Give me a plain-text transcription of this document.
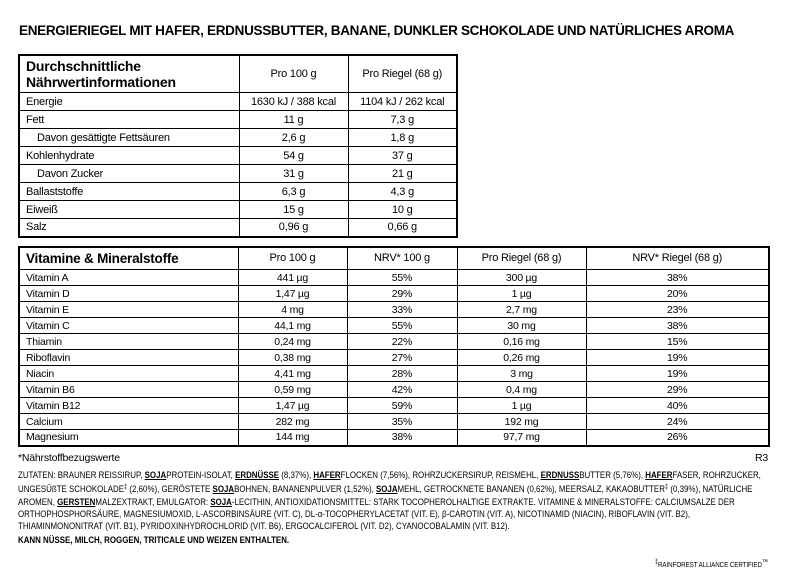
ENERGIERIEGEL MIT HAFER, ERDNUSSBUTTER, BANANE, DUNKLER SCHOKOLADE UND NATÜRLICHES AROMA
Durchschnittliche Nährwertinformationen	Pro 100 g	Pro Riegel (68 g)
Energie	1630 kJ / 388 kcal	1104 kJ / 262 kcal
Fett	11 g	7,3 g
Davon gesättigte Fettsäuren	2,6 g	1,8 g
Kohlenhydrate	54 g	37 g
Davon Zucker	31 g	21 g
Ballaststoffe	6,3 g	4,3 g
Eiweiß	15 g	10 g
Salz	0,96 g	0,66 g
Vitamine & Mineralstoffe	Pro 100 g	NRV* 100 g	Pro Riegel (68 g)	NRV* Riegel (68 g)
Vitamin A	441 µg	55%	300 µg	38%
Vitamin D	1,47 µg	29%	1 µg	20%
Vitamin E	4 mg	33%	2,7 mg	23%
Vitamin C	44,1 mg	55%	30 mg	38%
Thiamin	0,24 mg	22%	0,16 mg	15%
Riboflavin	0,38 mg	27%	0,26 mg	19%
Niacin	4,41 mg	28%	3 mg	19%
Vitamin B6	0,59 mg	42%	0,4 mg	29%
Vitamin B12	1,47 µg	59%	1 µg	40%
Calcium	282 mg	35%	192 mg	24%
Magnesium	144 mg	38%	97,7 mg	26%
*Nährstoffbezugswerte	R3

ZUTATEN: BRAUNER REISSIRUP, SOJAPROTEIN-ISOLAT, ERDNÜSSE (8,37%), HAFERFLOCKEN (7,56%), ROHRZUCKERSIRUP, REISMEHL, ERDNUSSBUTTER (5,76%), HAFERFASER, ROHRZUCKER, UNGESÜßTE SCHOKOLADE‡ (2,60%), GERÖSTETE SOJABOHNEN, BANANENPULVER (1,52%), SOJAMEHL, GETROCKNETE BANANEN (0,62%), MEERSALZ, KAKAOBUTTER‡ (0,39%), NATÜRLICHE AROMEN, GERSTENMALZEXTRAKT, EMULGATOR: SOJA-LECITHIN, ANTIOXIDATIONSMITTEL: STARK TOCOPHEROLHALTIGE EXTRAKTE. VITAMINE & MINERALSTOFFE: CALCIUMSALZE DER ORTHOPHOSPHORSÄURE, MAGNESIUMOXID, L-ASCORBINSÄURE (VIT. C), DL-α-TOCOPHERYLACETAT (VIT. E), β-CAROTIN (VIT. A), NICOTINAMID (NIACIN), RIBOFLAVIN (VIT. B2), THIAMINMONONITRAT (VIT. B1), PYRIDOXINHYDROCHLORID (VIT. B6), ERGOCALCIFEROL (VIT. D2), CYANOCOBALAMIN (VIT. B12).

KANN NÜSSE, MILCH, ROGGEN, TRITICALE UND WEIZEN ENTHALTEN.

‡RAINFOREST ALLIANCE CERTIFIED™
